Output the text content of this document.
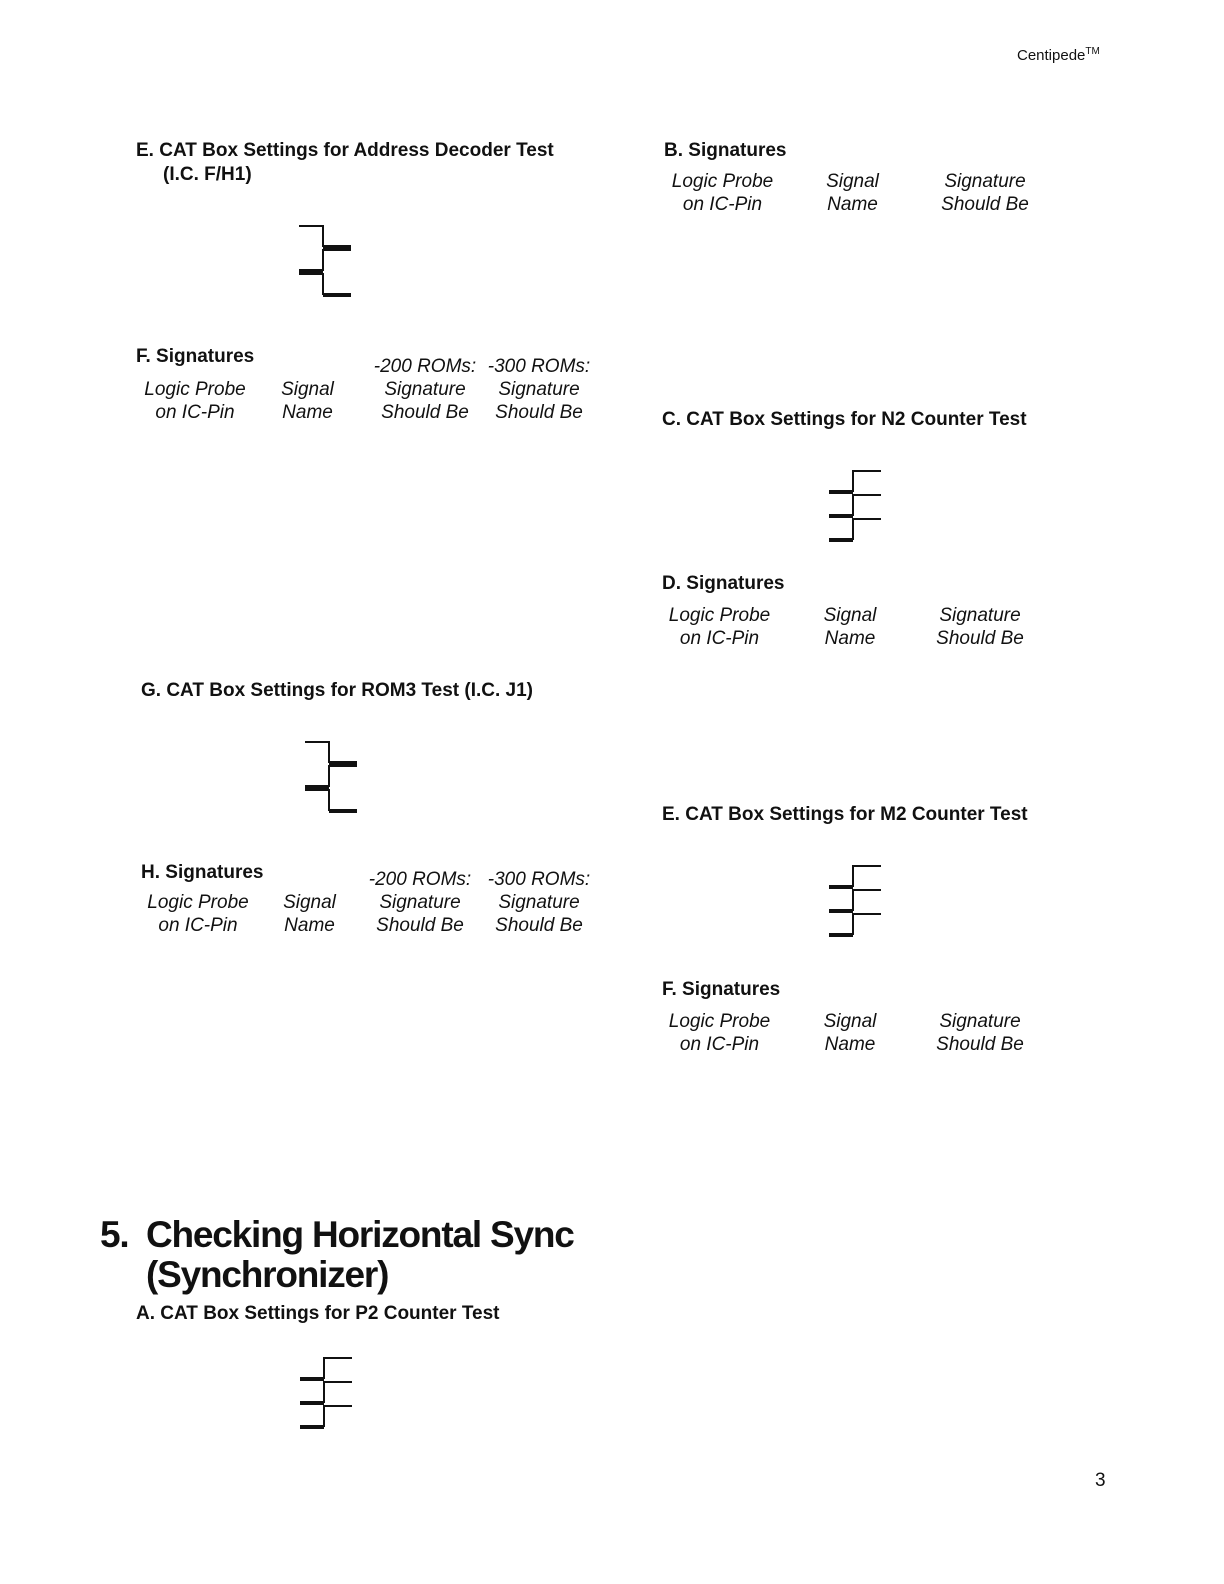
Centipede™
3
E. CAT Box Settings for Address Decoder Test
(I.C. F/H1)
F. Signatures
G. CAT Box Settings for ROM3 Test (I.C. J1)
H. Signatures
5. Checking Horizontal Sync
(Synchronizer)
A. CAT Box Settings for P2 Counter Test
B. Signatures
C. CAT Box Settings for N2 Counter Test
D. Signatures
E. CAT Box Settings for M2 Counter Test
F. Signatures
Logic Probe
on IC-Pin
Signal
Name
-200 ROMs:
Signature
Should Be
-300 ROMs:
Signature
Should Be
Logic Probe
on IC-Pin
Signal
Name
-200 ROMs:
Signature
Should Be
-300 ROMs:
Signature
Should Be
Logic Probe
on IC-Pin
Signal
Name
Signature
Should Be
Logic Probe
on IC-Pin
Signal
Name
Signature
Should Be
Logic Probe
on IC-Pin
Signal
Name
Signature
Should Be
